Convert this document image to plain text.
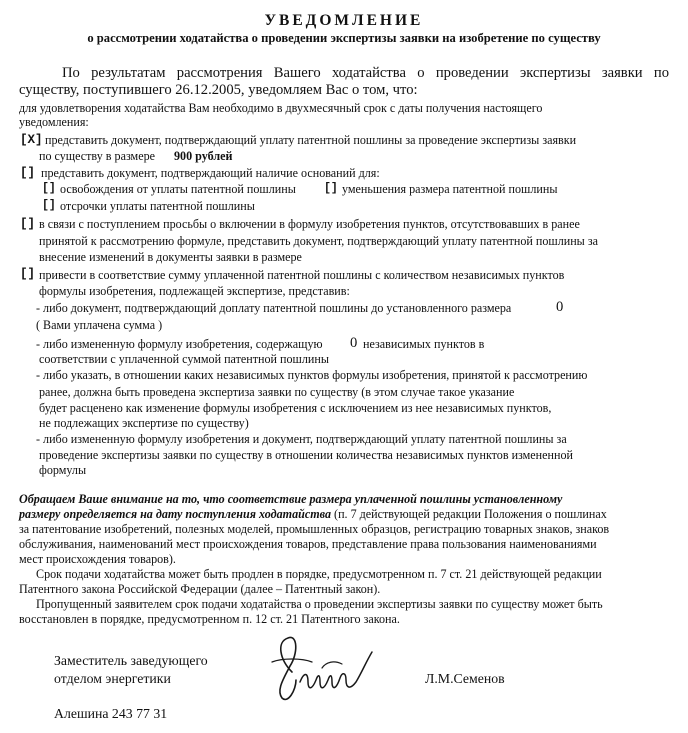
УВЕДОМЛЕНИЕ
о рассмотрении ходатайства о проведении экспертизы заявки на изобретение по существу
По результатам рассмотрения Вашего ходатайства о проведении экспертизы заявки по
существу, поступившего 26.12.2005, уведомляем Вас о том, что:
для удовлетворения ходатайства Вам необходимо в двухмесячный срок с даты получения настоящего
уведомления:
[X] представить документ, подтверждающий уплату патентной пошлины за проведение экспертизы заявки
по существу в размере 900 рублей
[] представить документ, подтверждающий наличие оснований для:
[] освобождения от уплаты патентной пошлины [] уменьшения размера патентной пошлины
[] отсрочки уплаты патентной пошлины
[] в связи с поступлением просьбы о включении в формулу изобретения пунктов, отсутствовавших в ранее
принятой к рассмотрению формуле, представить документ, подтверждающий уплату патентной пошлины за
внесение изменений в документы заявки в размере
[] привести в соответствие сумму уплаченной патентной пошлины с количеством независимых пунктов
формулы изобретения, подлежащей экспертизе, представив:
- либо документ, подтверждающий доплату патентной пошлины до установленного размера	0
( Вами уплачена сумма )
- либо измененную формулу изобретения, содержащую 0 независимых пунктов в
соответствии с уплаченной суммой патентной пошлины
- либо указать, в отношении каких независимых пунктов формулы изобретения, принятой к рассмотрению
ранее, должна быть проведена экспертиза заявки по существу (в этом случае такое указание
будет расценено как изменение формулы изобретения с исключением из нее независимых пунктов,
не подлежащих экспертизе по существу)
- либо измененную формулу изобретения и документ, подтверждающий уплату патентной пошлины за
проведение экспертизы заявки по существу в отношении количества независимых пунктов измененной
формулы
Обращаем Ваше внимание на то, что соответствие размера уплаченной пошлины установленному
размеру определяется на дату поступления ходатайства (п. 7 действующей редакции Положения о пошлинах
за патентование изобретений, полезных моделей, промышленных образцов, регистрацию товарных знаков, знаков
обслуживания, наименований мест происхождения товаров, представление права пользования наименованиями
мест происхождения товаров).
Срок подачи ходатайства может быть продлен в порядке, предусмотренном п. 7 ст. 21 действующей редакции
Патентного закона Российской Федерации (далее – Патентный закон).
Пропущенный заявителем срок подачи ходатайства о проведении экспертизы заявки по существу может быть
восстановлен в порядке, предусмотренном п. 12 ст. 21 Патентного закона.
Заместитель заведующего
отделом энергетики	Л.М.Семенов
Алешина 243 77 31
